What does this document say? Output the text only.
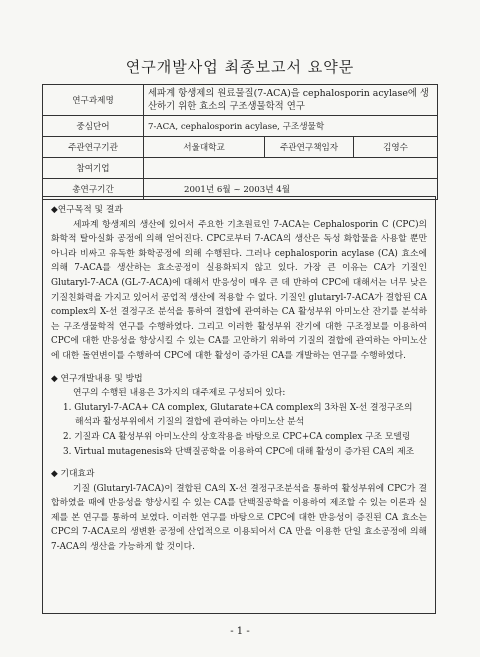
연구개발사업 최종보고서 요약문
연구과제명	세파계 항생제의 원료물질(7-ACA)을 cephalosporin acylase에 생산하기 위한 효소의 구조생물학적 연구		
중심단어	7-ACA, cephalosporin acylase, 구조생물학		
주관연구기관	서울대학교	주관연구책임자	김영수
참여기업			
총연구기간	2001년 6월 ~ 2003년 4월		
◆연구목적 및 결과

세파계 항생제의 생산에 있어서 주요한 기초원료인 7-ACA는 Cephalosporin C (CPC)의 화학적 탈아실화 공정에 의해 얻어진다. CPC로부터 7-ACA의 생산은 독성 화합물을 사용할 뿐만 아니라 비싸고 유독한 화학공정에 의해 수행된다. 그러나 cephalosporin acylase (CA) 효소에 의해 7-ACA를 생산하는 효소공정이 실용화되지 않고 있다. 가장 큰 이유는 CA가 기질인 Glutaryl-7-ACA (GL-7-ACA)에 대해서 반응성이 매우 큰 데 반하여 CPC에 대해서는 너무 낮은 기질친화력을 가지고 있어서 공업적 생산에 적용할 수 없다. 기질인 glutaryl-7-ACA가 결합된 CA complex의 X-선 결정구조 분석을 통하여 결합에 관여하는 CA 활성부위 아미노산 잔기를 분석하는 구조생물학적 연구를 수행하였다. 그리고 이러한 활성부위 잔기에 대한 구조정보를 이용하여 CPC에 대한 반응성을 향상시킬 수 있는 CA를 고안하기 위하여 기질의 결합에 관여하는 아미노산에 대한 돌연변이를 수행하여 CPC에 대한 활성이 증가된 CA를 개발하는 연구를 수행하였다.

◆ 연구개발내용 및 방법

연구의 수행된 내용은 3가지의 대주제로 구성되어 있다:

1. Glutaryl-7-ACA+ CA complex, Glutarate+CA complex의 3차원 X-선 결정구조의

해석과 활성부위에서 기질의 결합에 관여하는 아미노산 분석

2. 기질과 CA 활성부위 아미노산의 상호작용을 바탕으로 CPC+CA complex 구조 모델링

3. Virtual mutagenesis와 단백질공학을 이용하여 CPC에 대해 활성이 증가된 CA의 제조

◆ 기대효과

기질 (Glutaryl-7ACA)이 결합된 CA의 X-선 결정구조분석을 통하여 활성부위에 CPC가 결합하였을 때에 반응성을 향상시킬 수 있는 CA를 단백질공학을 이용하여 제조할 수 있는 이론과 실제를 본 연구를 통하여 보였다. 이러한 연구를 바탕으로 CPC에 대한 반응성이 증진된 CA 효소는 CPC의 7-ACA로의 생변환 공정에 산업적으로 이용되어서 CA 만을 이용한 단일 효소공정에 의해 7-ACA의 생산을 가능하게 할 것이다.

- 1 -
